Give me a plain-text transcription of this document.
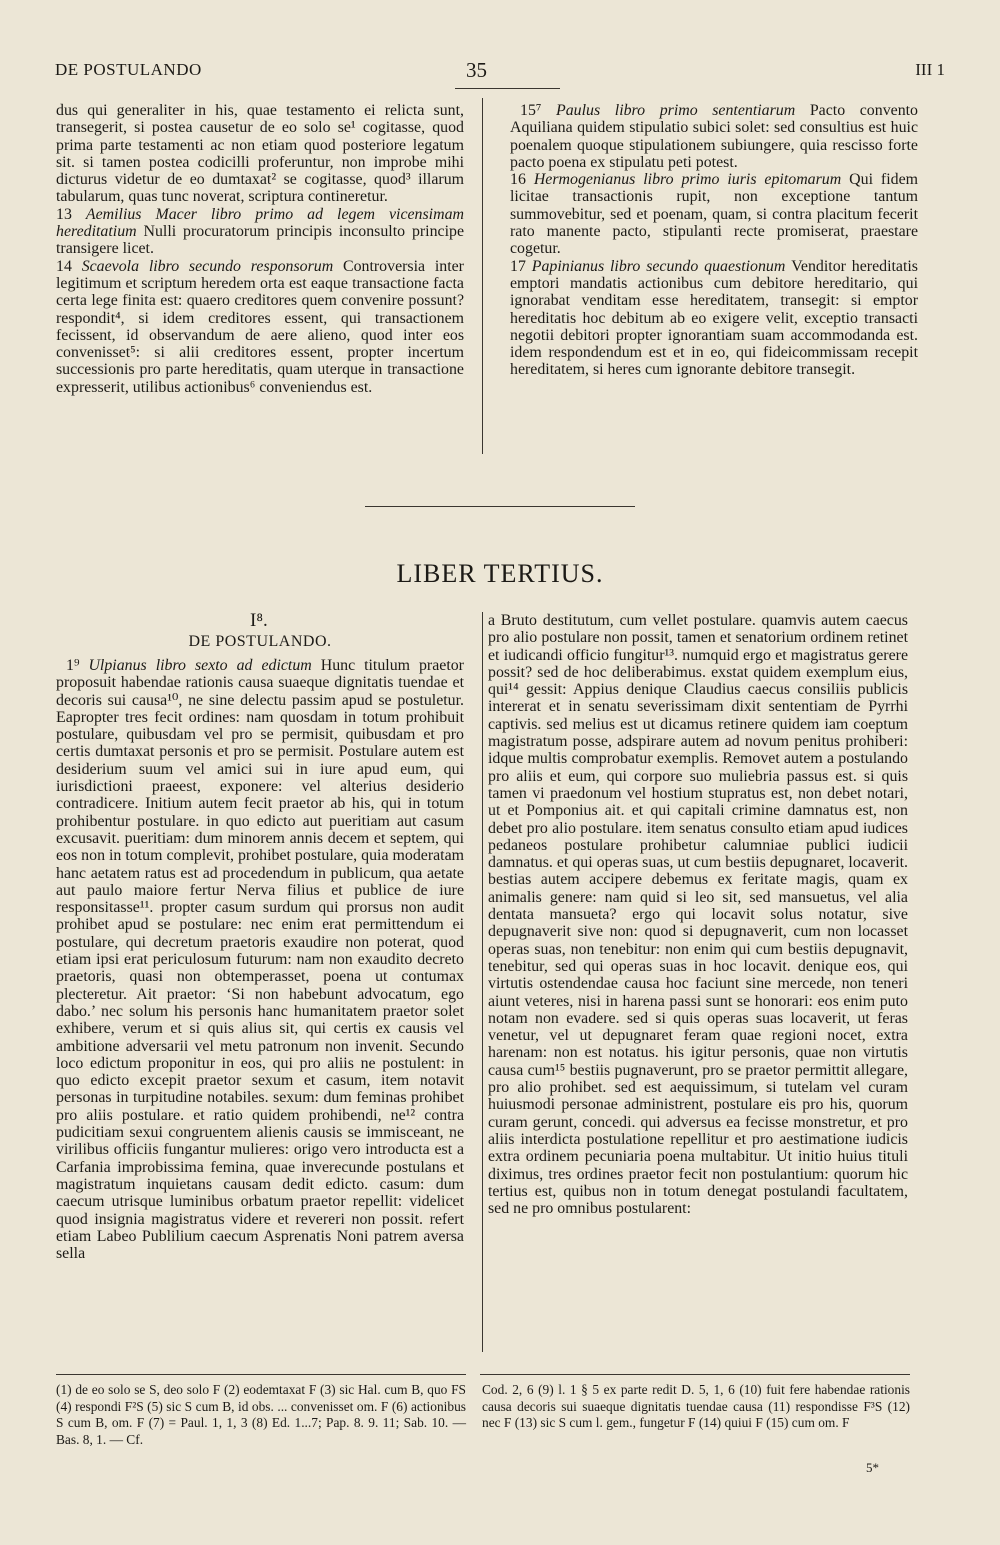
DE POSTULANDO	35	III 1

dus qui generaliter in his, quae testamento ei relicta sunt, transegerit, si postea causetur de eo solo se¹ cogitasse, quod prima parte testamenti ac non etiam quod posteriore legatum sit. si tamen postea codicilli proferuntur, non improbe mihi dicturus videtur de eo dumtaxat² se cogitasse, quod³ illarum tabularum, quas tunc noverat, scriptura contineretur.

13 Aemilius Macer libro primo ad legem vicensimam hereditatium Nulli procuratorum principis inconsulto principe transigere licet.

14 Scaevola libro secundo responsorum Controversia inter legitimum et scriptum heredem orta est eaque transactione facta certa lege finita est: quaero creditores quem convenire possunt? respondit⁴, si idem creditores essent, qui transactionem fecissent, id observandum de aere alieno, quod inter eos convenisset⁵: si alii creditores essent, propter incertum successionis pro parte hereditatis, quam uterque in transactione expresserit, utilibus actionibus⁶ conveniendus est.

15⁷ Paulus libro primo sententiarum Pacto convento Aquiliana quidem stipulatio subici solet: sed consultius est huic poenalem quoque stipulationem subiungere, quia rescisso forte pacto poena ex stipulatu peti potest.

16 Hermogenianus libro primo iuris epitomarum Qui fidem licitae transactionis rupit, non exceptione tantum summovebitur, sed et poenam, quam, si contra placitum fecerit rato manente pacto, stipulanti recte promiserat, praestare cogetur.

17 Papinianus libro secundo quaestionum Venditor hereditatis emptori mandatis actionibus cum debitore hereditario, qui ignorabat venditam esse hereditatem, transegit: si emptor hereditatis hoc debitum ab eo exigere velit, exceptio transacti negotii debitori propter ignorantiam suam accommodanda est. idem respondendum est et in eo, qui fideicommissam recepit hereditatem, si heres cum ignorante debitore transegit.

LIBER TERTIUS.
I⁸.
DE POSTULANDO.

1⁹ Ulpianus libro sexto ad edictum Hunc titulum praetor proposuit habendae rationis causa suaeque dignitatis tuendae et decoris sui causa¹⁰, ne sine delectu passim apud se postuletur. Eapropter tres fecit ordines: nam quosdam in totum prohibuit postulare, quibusdam vel pro se permisit, quibusdam et pro certis dumtaxat personis et pro se permisit. Postulare autem est desiderium suum vel amici sui in iure apud eum, qui iurisdictioni praeest, exponere: vel alterius desiderio contradicere. Initium autem fecit praetor ab his, qui in totum prohibentur postulare. in quo edicto aut pueritiam aut casum excusavit. pueritiam: dum minorem annis decem et septem, qui eos non in totum complevit, prohibet postulare, quia moderatam hanc aetatem ratus est ad procedendum in publicum, qua aetate aut paulo maiore fertur Nerva filius et publice de iure responsitasse¹¹. propter casum surdum qui prorsus non audit prohibet apud se postulare: nec enim erat permittendum ei postulare, qui decretum praetoris exaudire non poterat, quod etiam ipsi erat periculosum futurum: nam non exaudito decreto praetoris, quasi non obtemperasset, poena ut contumax plecteretur. Ait praetor: ‘Si non habebunt advocatum, ego dabo.’ nec solum his personis hanc humanitatem praetor solet exhibere, verum et si quis alius sit, qui certis ex causis vel ambitione adversarii vel metu patronum non invenit. Secundo loco edictum proponitur in eos, qui pro aliis ne postulent: in quo edicto excepit praetor sexum et casum, item notavit personas in turpitudine notabiles. sexum: dum feminas prohibet pro aliis postulare. et ratio quidem prohibendi, ne¹² contra pudicitiam sexui congruentem alienis causis se immisceant, ne virilibus officiis fungantur mulieres: origo vero introducta est a Carfania improbissima femina, quae inverecunde postulans et magistratum inquietans causam dedit edicto. casum: dum caecum utrisque luminibus orbatum praetor repellit: videlicet quod insignia magistratus videre et revereri non possit. refert etiam Labeo Publilium caecum Asprenatis Noni patrem aversa sella

a Bruto destitutum, cum vellet postulare. quamvis autem caecus pro alio postulare non possit, tamen et senatorium ordinem retinet et iudicandi officio fungitur¹³. numquid ergo et magistratus gerere possit? sed de hoc deliberabimus. exstat quidem exemplum eius, qui¹⁴ gessit: Appius denique Claudius caecus consiliis publicis intererat et in senatu severissimam dixit sententiam de Pyrrhi captivis. sed melius est ut dicamus retinere quidem iam coeptum magistratum posse, adspirare autem ad novum penitus prohiberi: idque multis comprobatur exemplis. Removet autem a postulando pro aliis et eum, qui corpore suo muliebria passus est. si quis tamen vi praedonum vel hostium stupratus est, non debet notari, ut et Pomponius ait. et qui capitali crimine damnatus est, non debet pro alio postulare. item senatus consulto etiam apud iudices pedaneos postulare prohibetur calumniae publici iudicii damnatus. et qui operas suas, ut cum bestiis depugnaret, locaverit. bestias autem accipere debemus ex feritate magis, quam ex animalis genere: nam quid si leo sit, sed mansuetus, vel alia dentata mansueta? ergo qui locavit solus notatur, sive depugnaverit sive non: quod si depugnaverit, cum non locasset operas suas, non tenebitur: non enim qui cum bestiis depugnavit, tenebitur, sed qui operas suas in hoc locavit. denique eos, qui virtutis ostendendae causa hoc faciunt sine mercede, non teneri aiunt veteres, nisi in harena passi sunt se honorari: eos enim puto notam non evadere. sed si quis operas suas locaverit, ut feras venetur, vel ut depugnaret feram quae regioni nocet, extra harenam: non est notatus. his igitur personis, quae non virtutis causa cum¹⁵ bestiis pugnaverunt, pro se praetor permittit allegare, pro alio prohibet. sed est aequissimum, si tutelam vel curam huiusmodi personae administrent, postulare eis pro his, quorum curam gerunt, concedi. qui adversus ea fecisse monstretur, et pro aliis interdicta postulatione repellitur et pro aestimatione iudicis extra ordinem pecuniaria poena multabitur. Ut initio huius tituli diximus, tres ordines praetor fecit non postulantium: quorum hic tertius est, quibus non in totum denegat postulandi facultatem, sed ne pro omnibus postularent:

(1) de eo solo se S, deo solo F (2) eodemtaxat F (3) sic Hal. cum B, quo FS (4) respondi F²S (5) sic S cum B, id obs. ... convenisset om. F (6) actionibus S cum B, om. F (7) = Paul. 1, 1, 3 (8) Ed. 1...7; Pap. 8. 9. 11; Sab. 10. — Bas. 8, 1. — Cf.
Cod. 2, 6 (9) l. 1 § 5 ex parte redit D. 5, 1, 6 (10) fuit fere habendae rationis causa decoris sui suaeque dignitatis tuendae causa (11) respondisse F³S (12) nec F (13) sic S cum l. gem., fungetur F (14) quiui F (15) cum om. F
5*
